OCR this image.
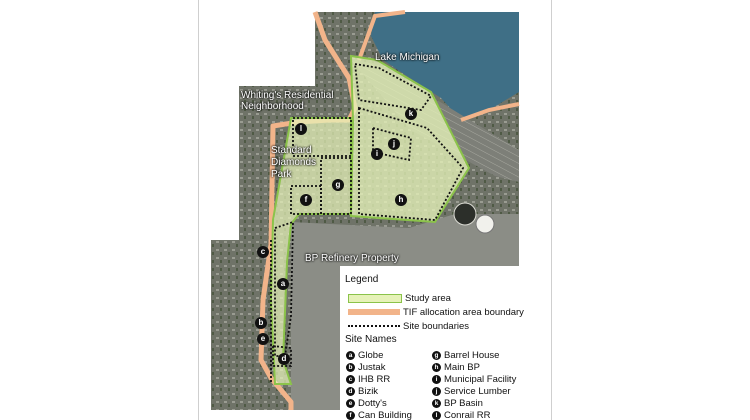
Lake Michigan
Whiting's Residential Neighborhood
Standard Diamonds Park
BP Refinery Property
l
k
i
j
g
h
f
c
a
b
e
d
Legend
Study area
TIF allocation area boundary
Site boundaries
Site Names
a Globe
b Justak
c IHB RR
d Bizik
e Dotty's
f Can Building
g Barrel House
h Main BP
i Municipal Facility
j Service Lumber
k BP Basin
l Conrail RR
